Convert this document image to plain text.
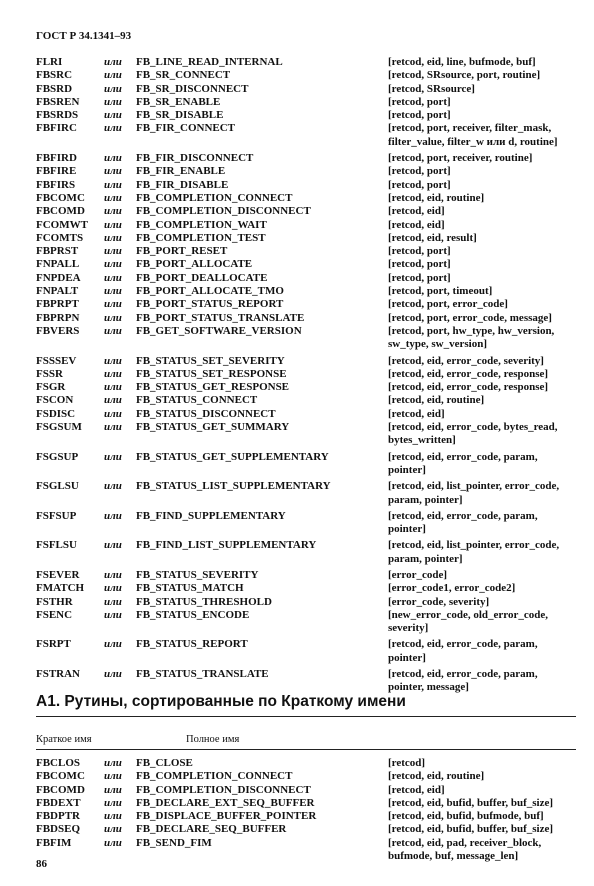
ГОСТ Р 34.1341–93
FLRI	или	FB_LINE_READ_INTERNAL	[retcod, eid, line, bufmode, buf]
FBSRC	или	FB_SR_CONNECT	[retcod, SRsource, port, routine]
FBSRD	или	FB_SR_DISCONNECT	[retcod, SRsource]
FBSREN	или	FB_SR_ENABLE	[retcod, port]
FBSRDS	или	FB_SR_DISABLE	[retcod, port]
FBFIRC	или	FB_FIR_CONNECT	[retcod, port, receiver, filter_mask,
filter_value, filter_w или d, routine]
FBFIRD	или	FB_FIR_DISCONNECT	[retcod, port, receiver, routine]
FBFIRE	или	FB_FIR_ENABLE	[retcod, port]
FBFIRS	или	FB_FIR_DISABLE	[retcod, port]
FBCOMC	или	FB_COMPLETION_CONNECT	[retcod, eid, routine]
FBCOMD	или	FB_COMPLETION_DISCONNECT	[retcod, eid]
FCOMWT	или	FB_COMPLETION_WAIT	[retcod, eid]
FCOMTS	или	FB_COMPLETION_TEST	[retcod, eid, result]
FBPRST	или	FB_PORT_RESET	[retcod, port]
FNPALL	или	FB_PORT_ALLOCATE	[retcod, port]
FNPDEA	или	FB_PORT_DEALLOCATE	[retcod, port]
FNPALT	или	FB_PORT_ALLOCATE_TMO	[retcod, port, timeout]
FBPRPT	или	FB_PORT_STATUS_REPORT	[retcod, port, error_code]
FBPRPN	или	FB_PORT_STATUS_TRANSLATE	[retcod, port, error_code, message]
FBVERS	или	FB_GET_SOFTWARE_VERSION	[retcod, port, hw_type, hw_version,
sw_type, sw_version]
FSSSEV	или	FB_STATUS_SET_SEVERITY	[retcod, eid, error_code, severity]
FSSR	или	FB_STATUS_SET_RESPONSE	[retcod, eid, error_code, response]
FSGR	или	FB_STATUS_GET_RESPONSE	[retcod, eid, error_code, response]
FSCON	или	FB_STATUS_CONNECT	[retcod, eid, routine]
FSDISC	или	FB_STATUS_DISCONNECT	[retcod, eid]
FSGSUM	или	FB_STATUS_GET_SUMMARY	[retcod, eid, error_code, bytes_read,
bytes_written]
FSGSUP	или	FB_STATUS_GET_SUPPLEMENTARY	[retcod, eid, error_code, param,
pointer]
FSGLSU	или	FB_STATUS_LIST_SUPPLEMENTARY	[retcod, eid, list_pointer, error_code,
param, pointer]
FSFSUP	или	FB_FIND_SUPPLEMENTARY	[retcod, eid, error_code, param,
pointer]
FSFLSU	или	FB_FIND_LIST_SUPPLEMENTARY	[retcod, eid, list_pointer, error_code,
param, pointer]
FSEVER	или	FB_STATUS_SEVERITY	[error_code]
FMATCH	или	FB_STATUS_MATCH	[error_code1, error_code2]
FSTHR	или	FB_STATUS_THRESHOLD	[error_code, severity]
FSENC	или	FB_STATUS_ENCODE	[new_error_code, old_error_code,
severity]
FSRPT	или	FB_STATUS_REPORT	[retcod, eid, error_code, param,
pointer]
FSTRAN	или	FB_STATUS_TRANSLATE	[retcod, eid, error_code, param,
pointer, message]
А1. Рутины, сортированные по Краткому имени
Краткое имя	Полное имя
FBCLOS	или	FB_CLOSE	[retcod]
FBCOMC	или	FB_COMPLETION_CONNECT	[retcod, eid, routine]
FBCOMD	или	FB_COMPLETION_DISCONNECT	[retcod, eid]
FBDEXT	или	FB_DECLARE_EXT_SEQ_BUFFER	[retcod, eid, bufid, buffer, buf_size]
FBDPTR	или	FB_DISPLACE_BUFFER_POINTER	[retcod, eid, bufid, bufmode, buf]
FBDSEQ	или	FB_DECLARE_SEQ_BUFFER	[retcod, eid, bufid, buffer, buf_size]
FBFIM	или	FB_SEND_FIM	[retcod, eid, pad, receiver_block,
bufmode, buf, message_len]
86
